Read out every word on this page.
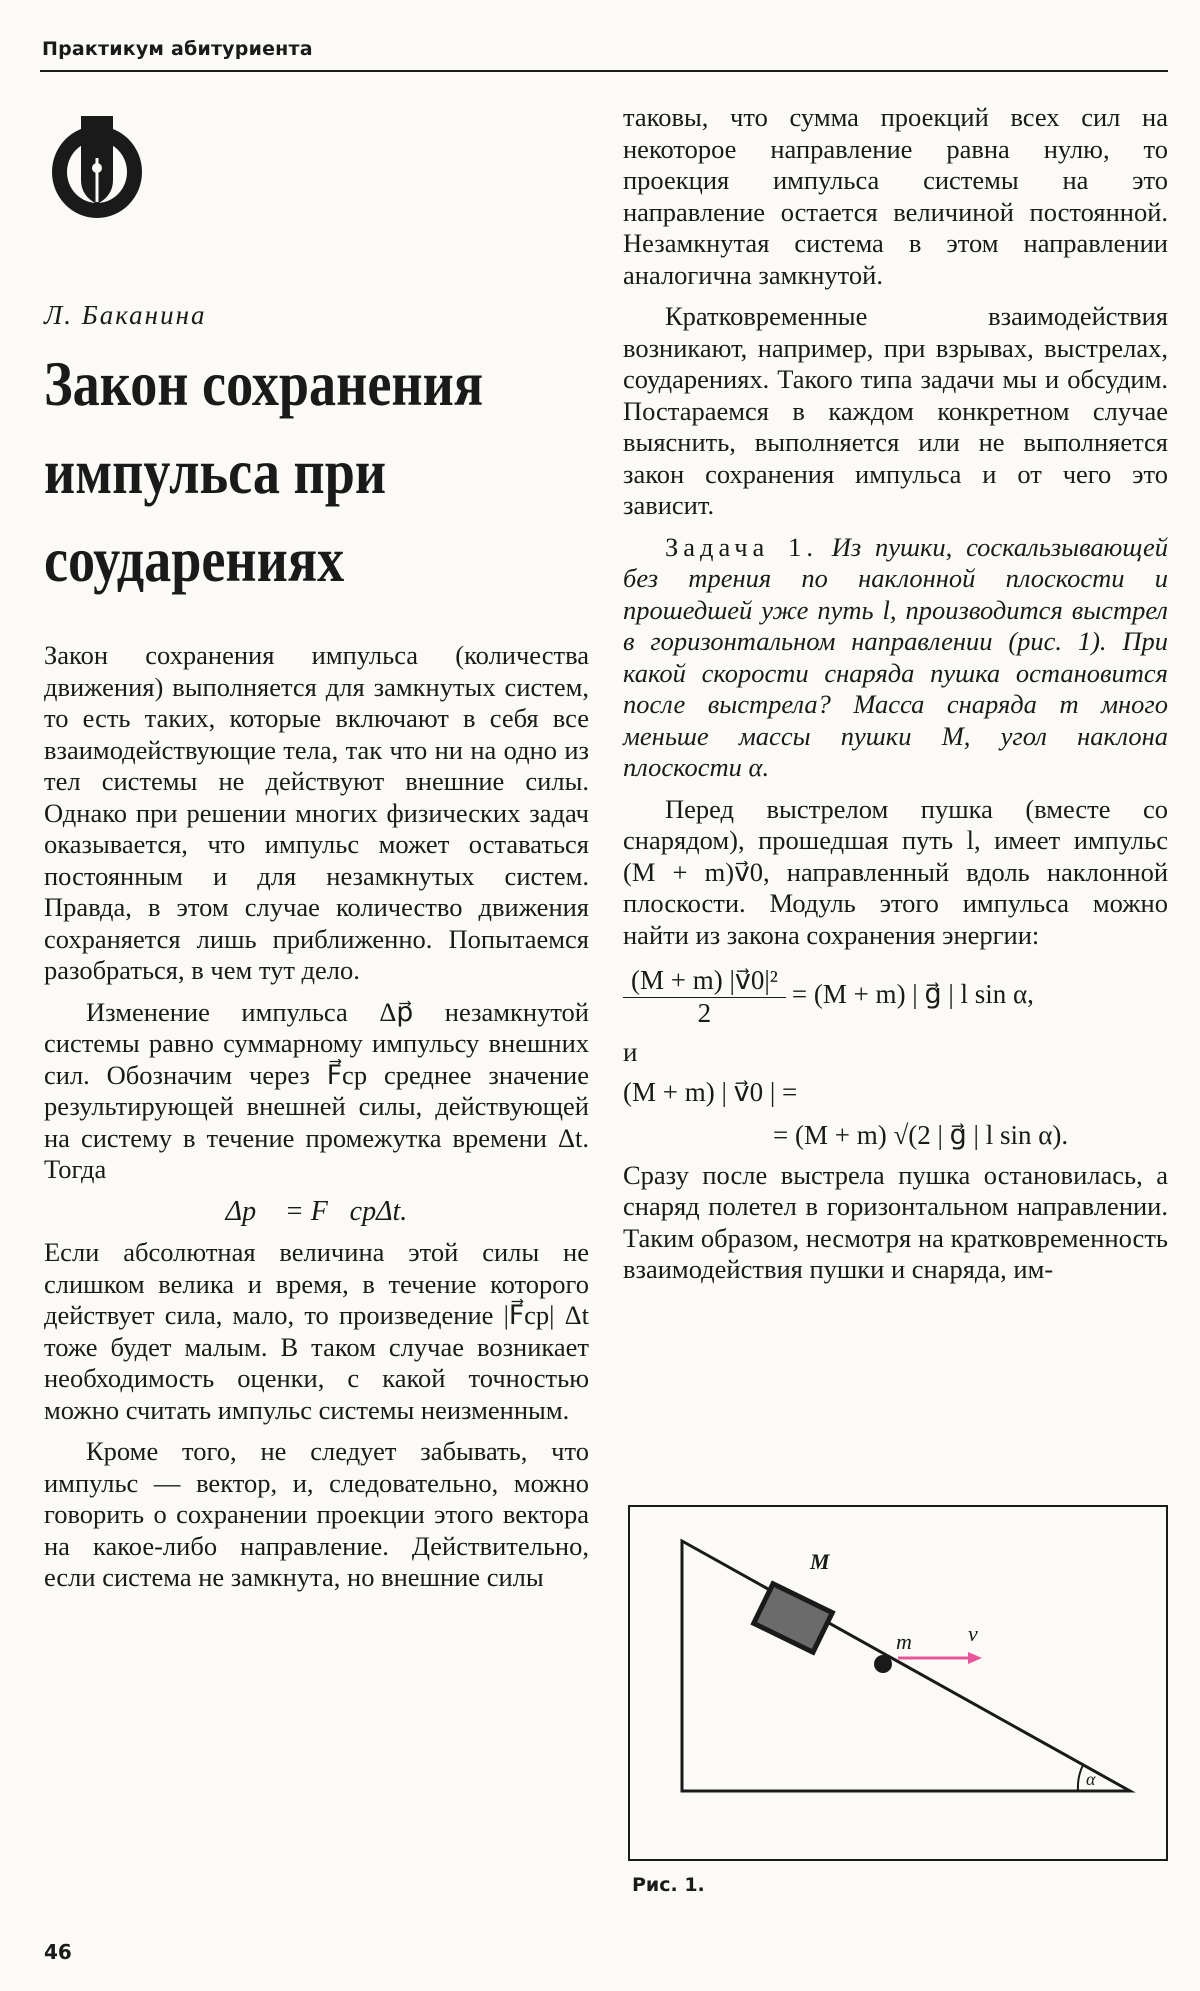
Практикум абитуриента
Л. Баканина
Закон сохранения импульса при соударениях

Закон сохранения импульса (количества движения) выполняется для замкнутых систем, то есть таких, которые включают в себя все взаимодействующие тела, так что ни на одно из тел системы не действуют внешние силы. Однако при решении многих физических задач оказывается, что импульс может оставаться постоянным и для незамкнутых систем. Правда, в этом случае количество движения сохраняется лишь приближенно. Попытаемся разобраться, в чем тут дело.

Изменение импульса Δp⃗ незамкнутой системы равно суммарному импульсу внешних сил. Обозначим через F⃗ср среднее значение результирующей внешней силы, действующей на систему в течение промежутка времени Δt. Тогда

Δp⃗ = F⃗срΔt.

Если абсолютная величина этой силы не слишком велика и время, в течение которого действует сила, мало, то произведение |F⃗ср| Δt тоже будет малым. В таком случае возникает необходимость оценки, с какой точностью можно считать импульс системы неизменным.

Кроме того, не следует забывать, что импульс — вектор, и, следовательно, можно говорить о сохранении проекции этого вектора на какое-либо направление. Действительно, если система не замкнута, но внешние силы

таковы, что сумма проекций всех сил на некоторое направление равна нулю, то проекция импульса системы на это направление остается величиной постоянной. Незамкнутая система в этом направлении аналогична замкнутой.

Кратковременные взаимодействия возникают, например, при взрывах, выстрелах, соударениях. Такого типа задачи мы и обсудим. Постараемся в каждом конкретном случае выяснить, выполняется или не выполняется закон сохранения импульса и от чего это зависит.

Задача 1. Из пушки, соскальзывающей без трения по наклонной плоскости и прошедшей уже путь l, производится выстрел в горизонтальном направлении (рис. 1). При какой скорости снаряда пушка остановится после выстрела? Масса снаряда m много меньше массы пушки M, угол наклона плоскости α.

Перед выстрелом пушка (вместе со снарядом), прошедшая путь l, имеет импульс (M + m)v⃗0, направленный вдоль наклонной плоскости. Модуль этого импульса можно найти из закона сохранения энергии:

$\frac{\text{(M + m) |v⃗0|²}}{2} = (M + m)$ | g⃗ | l sin α,
и
(M + m) | v⃗0 | =
= (M + m) √(2 | g⃗ | l sin α).

Сразу после выстрела пушка остановилась, а снаряд полетел в горизонтальном направлении. Таким образом, несмотря на кратковременность взаимодействия пушки и снаряда, им-

α
M
m	v⃗
Рис. 1.
46
